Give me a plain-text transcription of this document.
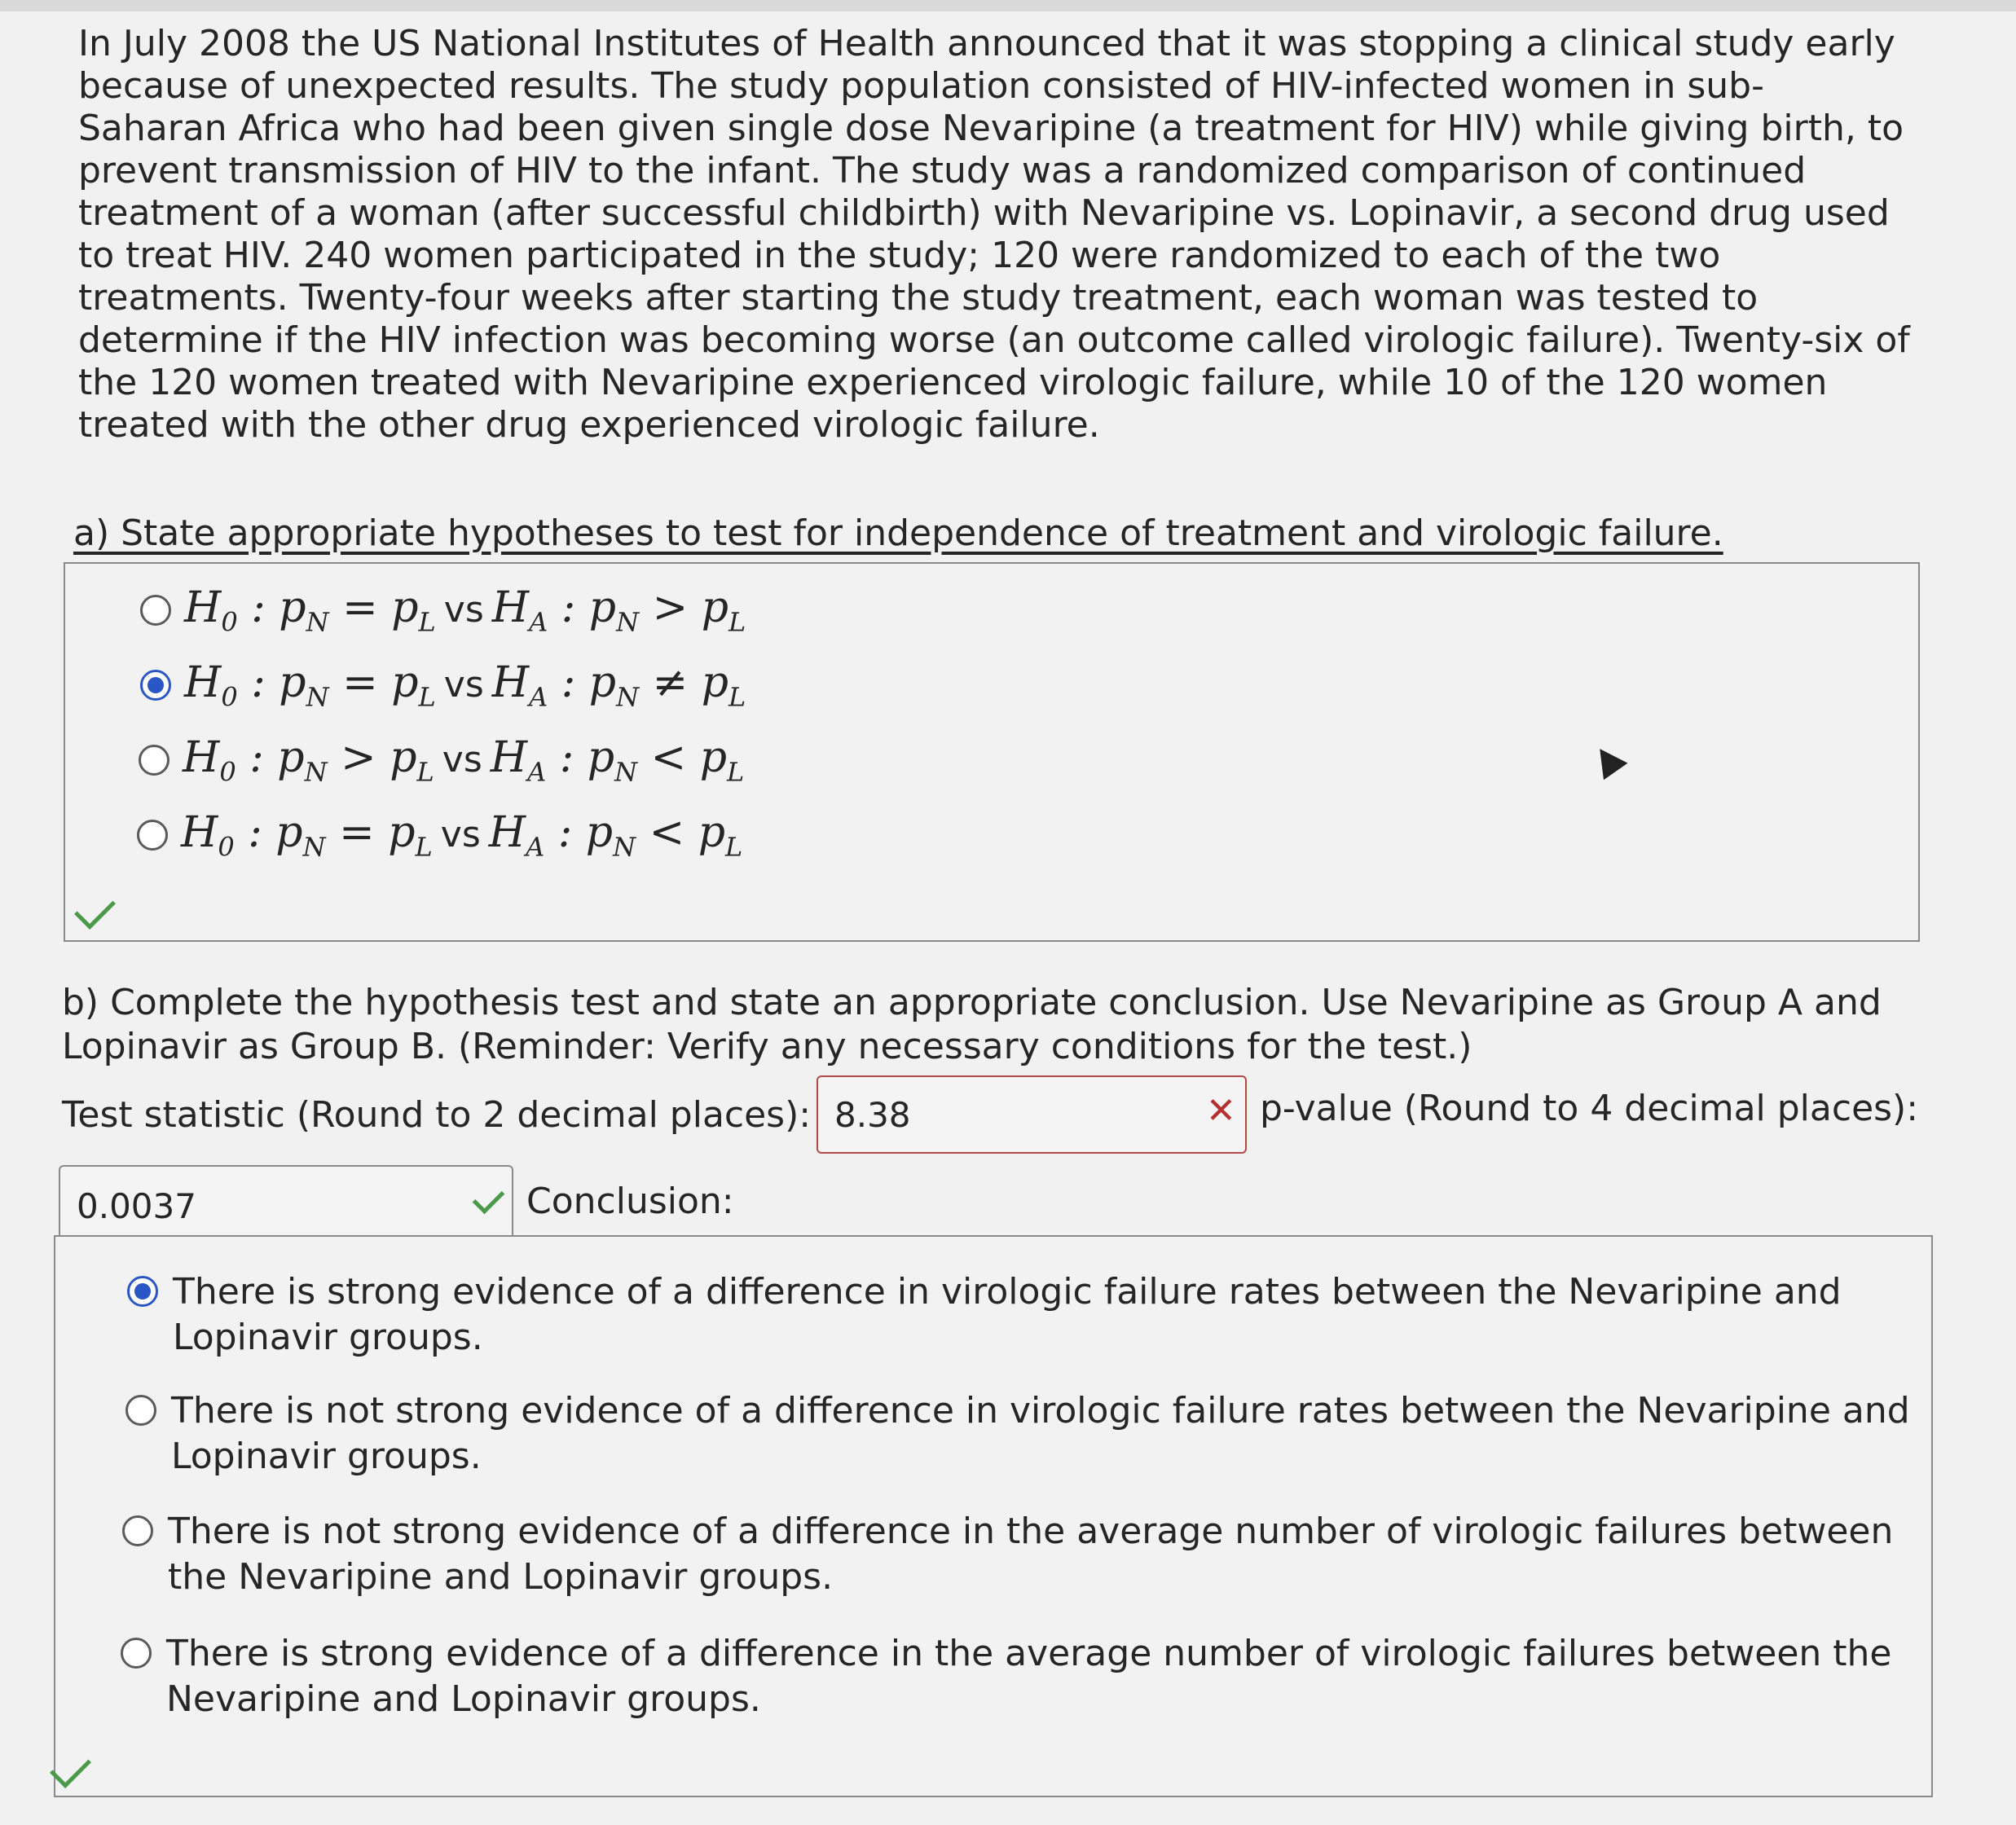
In July 2008 the US National Institutes of Health announced that it was stopping a clinical study early because of unexpected results. The study population consisted of HIV-infected women in sub-Saharan Africa who had been given single dose Nevaripine (a treatment for HIV) while giving birth, to prevent transmission of HIV to the infant. The study was a randomized comparison of continued treatment of a woman (after successful childbirth) with Nevaripine vs. Lopinavir, a second drug used to treat HIV. 240 women participated in the study; 120 were randomized to each of the two treatments. Twenty-four weeks after starting the study treatment, each woman was tested to determine if the HIV infection was becoming worse (an outcome called virologic failure). Twenty-six of the 120 women treated with Nevaripine experienced virologic failure, while 10 of the 120 women treated with the other drug experienced virologic failure.
a) State appropriate hypotheses to test for independence of treatment and virologic failure.
$H_0$ : $p_N = p_L$ vs $H_A$ : $p_N > p_L$
$H_0$ : $p_N = p_L$ vs $H_A$ : $p_N \ne p_L$
$H_0$ : $p_N > p_L$ vs $H_A$ : $p_N < p_L$
$H_0$ : $p_N = p_L$ vs $H_A$ : $p_N < p_L$
b) Complete the hypothesis test and state an appropriate conclusion. Use Nevaripine as Group A and Lopinavir as Group B. (Reminder: Verify any necessary conditions for the test.)
Test statistic (Round to 2 decimal places): 8.38	✕ p-value (Round to 4 decimal places):
0.0037	Conclusion:
There is strong evidence of a difference in virologic failure rates between the Nevaripine and Lopinavir groups.
There is not strong evidence of a difference in virologic failure rates between the Nevaripine and Lopinavir groups.
There is not strong evidence of a difference in the average number of virologic failures between the Nevaripine and Lopinavir groups.
There is strong evidence of a difference in the average number of virologic failures between the Nevaripine and Lopinavir groups.
